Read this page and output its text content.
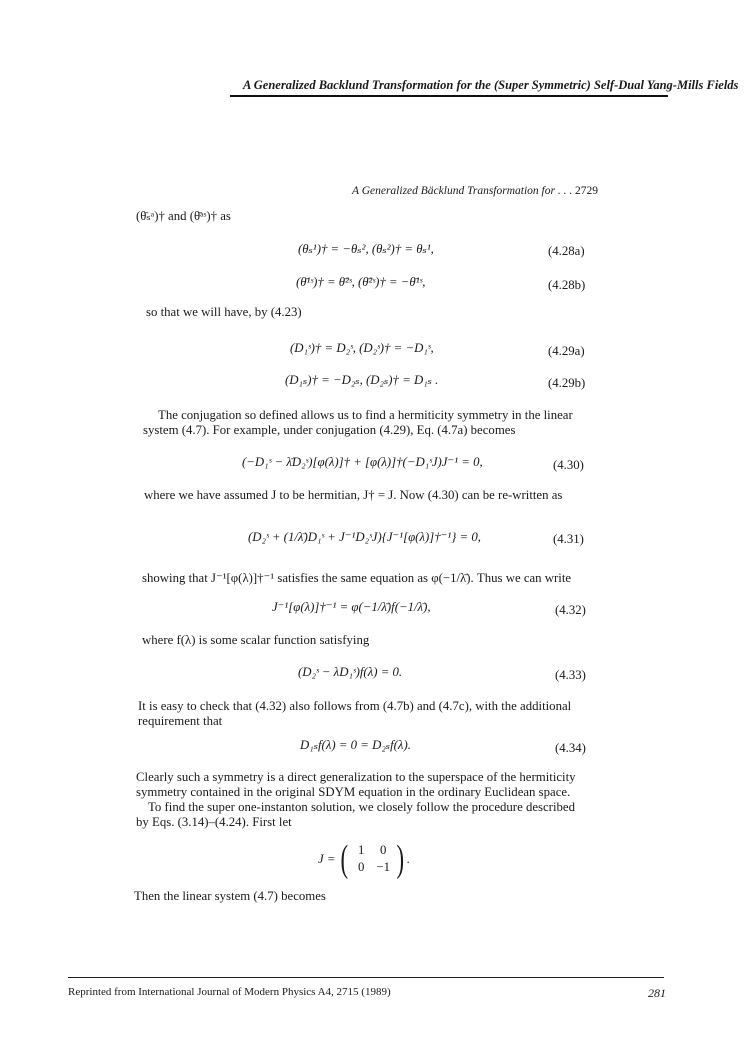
A Generalized Backlund Transformation for the (Super Symmetric) Self-Dual Yang-Mills Fields
A Generalized Bäcklund Transformation for . . . 2729
(θ̄ₛᵃ)† and (θ̄ᵃˢ)† as
(θₛ¹)† = −θₛ², (θₛ²)† = θₛ¹,	(4.28a)
(θ̄¹ˢ)† = θ̄²ˢ, (θ̄²ˢ)† = −θ̄¹ˢ,	(4.28b)
so that we will have, by (4.23)
(D₁ˢ)† = D₂ˢ, (D₂ˢ)† = −D₁ˢ,	(4.29a)
(D₁ₛ)† = −D₂ₛ, (D₂ₛ)† = D₁ₛ .	(4.29b)
The conjugation so defined allows us to find a hermiticity symmetry in the linear
system (4.7). For example, under conjugation (4.29), Eq. (4.7a) becomes
(−D₁ˢ − λ̄D₂ˢ)[φ(λ)]† + [φ(λ)]†(−D₁ˢJ)J⁻¹ = 0,	(4.30)
where we have assumed J to be hermitian, J† = J. Now (4.30) can be re-written as
(D₂ˢ + (1/λ̄)D₁ˢ + J⁻¹D₂ˢJ){J⁻¹[φ(λ)]†⁻¹} = 0,	(4.31)
showing that J⁻¹[φ(λ)]†⁻¹ satisfies the same equation as φ(−1/λ̄). Thus we can write
J⁻¹[φ(λ)]†⁻¹ = φ(−1/λ̄)f(−1/λ̄),	(4.32)
where f(λ) is some scalar function satisfying
(D₂ˢ − λD₁ˢ)f(λ) = 0.	(4.33)
It is easy to check that (4.32) also follows from (4.7b) and (4.7c), with the additional
requirement that
D₁ₛf(λ) = 0 = D₂ₛf(λ).	(4.34)
Clearly such a symmetry is a direct generalization to the superspace of the hermiticity
symmetry contained in the original SDYM equation in the ordinary Euclidean space.
To find the super one-instanton solution, we closely follow the procedure described
by Eqs. (3.14)–(4.24). First let
J = ( 1	0
0 −1 ) .
Then the linear system (4.7) becomes
Reprinted from International Journal of Modern Physics A4, 2715 (1989)	281
